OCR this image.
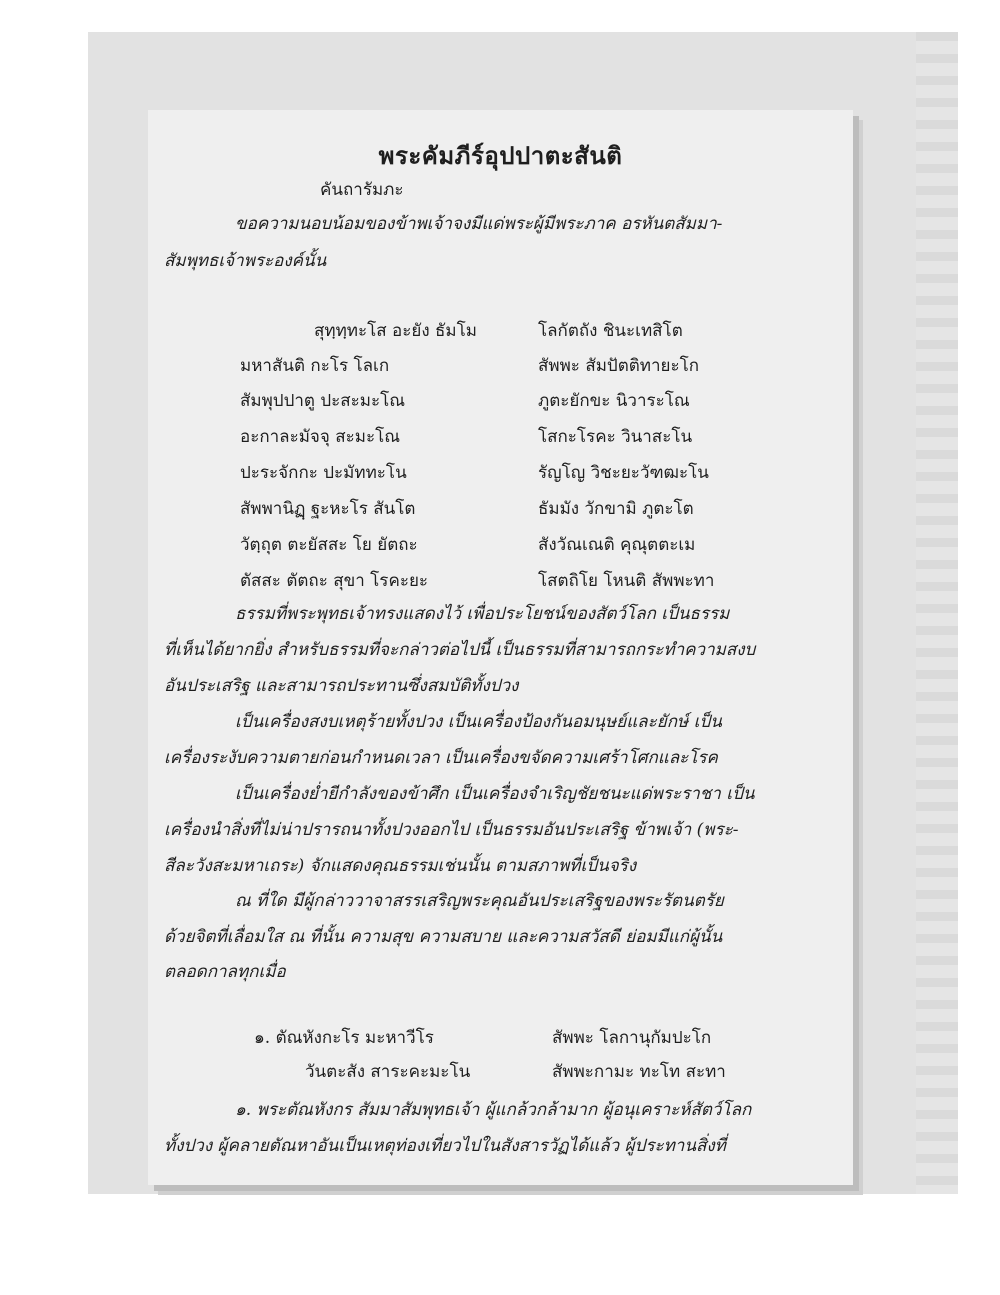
พระคัมภีร์อุปปาตะสันติ
คันถารัมภะ
ขอความนอบน้อมของข้าพเจ้าจงมีแด่พระผู้มีพระภาค อรหันตสัมมา-
สัมพุทธเจ้าพระองค์นั้น
สุทฺทฺทะโส อะยัง ธัมโม	โลกัตถัง ชินะเทสิโต
มหาสันติ กะโร โลเก	สัพพะ สัมปัตติทายะโก
สัมพุปปาตู ปะสะมะโณ	ภูตะยักขะ นิวาระโณ
อะกาละมัจจุ สะมะโณ	โสกะโรคะ วินาสะโน
ปะระจักกะ ปะมัททะโน	รัญโญ วิชะยะวัฑฒะโน
สัพพานิฏฺ ฐะหะโร สันโต	ธัมมัง วักขามิ ภูตะโต
วัตฺถุต ตะยัสสะ โย ยัตถะ	สังวัณเณติ คุณุตตะเม
ตัสสะ ตัตถะ สุขา โรคะยะ	โสตถิโย โหนติ สัพพะทา
ธรรมที่พระพุทธเจ้าทรงแสดงไว้ เพื่อประโยชน์ของสัตว์โลก เป็นธรรม
ที่เห็นได้ยากยิ่ง สำหรับธรรมที่จะกล่าวต่อไปนี้ เป็นธรรมที่สามารถกระทำความสงบ
อันประเสริฐ และสามารถประทานซึ่งสมบัติทั้งปวง
เป็นเครื่องสงบเหตุร้ายทั้งปวง เป็นเครื่องป้องกันอมนุษย์และยักษ์ เป็น
เครื่องระงับความตายก่อนกำหนดเวลา เป็นเครื่องขจัดความเศร้าโศกและโรค
เป็นเครื่องย่ำยีกำลังของข้าศึก เป็นเครื่องจำเริญชัยชนะแด่พระราชา เป็น
เครื่องนำสิ่งที่ไม่น่าปรารถนาทั้งปวงออกไป เป็นธรรมอันประเสริฐ ข้าพเจ้า (พระ-
สีละวังสะมหาเถระ) จักแสดงคุณธรรมเช่นนั้น ตามสภาพที่เป็นจริง
ณ ที่ใด มีผู้กล่าววาจาสรรเสริญพระคุณอันประเสริฐของพระรัตนตรัย
ด้วยจิตที่เลื่อมใส ณ ที่นั้น ความสุข ความสบาย และความสวัสดี ย่อมมีแก่ผู้นั้น
ตลอดกาลทุกเมื่อ
๑. ตัณหังกะโร มะหาวีโร	สัพพะ โลกานุกัมปะโก
วันตะสัง สาระคะมะโน	สัพพะกามะ ทะโท สะทา
๑. พระตัณหังกร สัมมาสัมพุทธเจ้า ผู้แกล้วกล้ามาก ผู้อนุเคราะห์สัตว์โลก
ทั้งปวง ผู้คลายตัณหาอันเป็นเหตุท่องเที่ยวไปในสังสารวัฏได้แล้ว ผู้ประทานสิ่งที่
